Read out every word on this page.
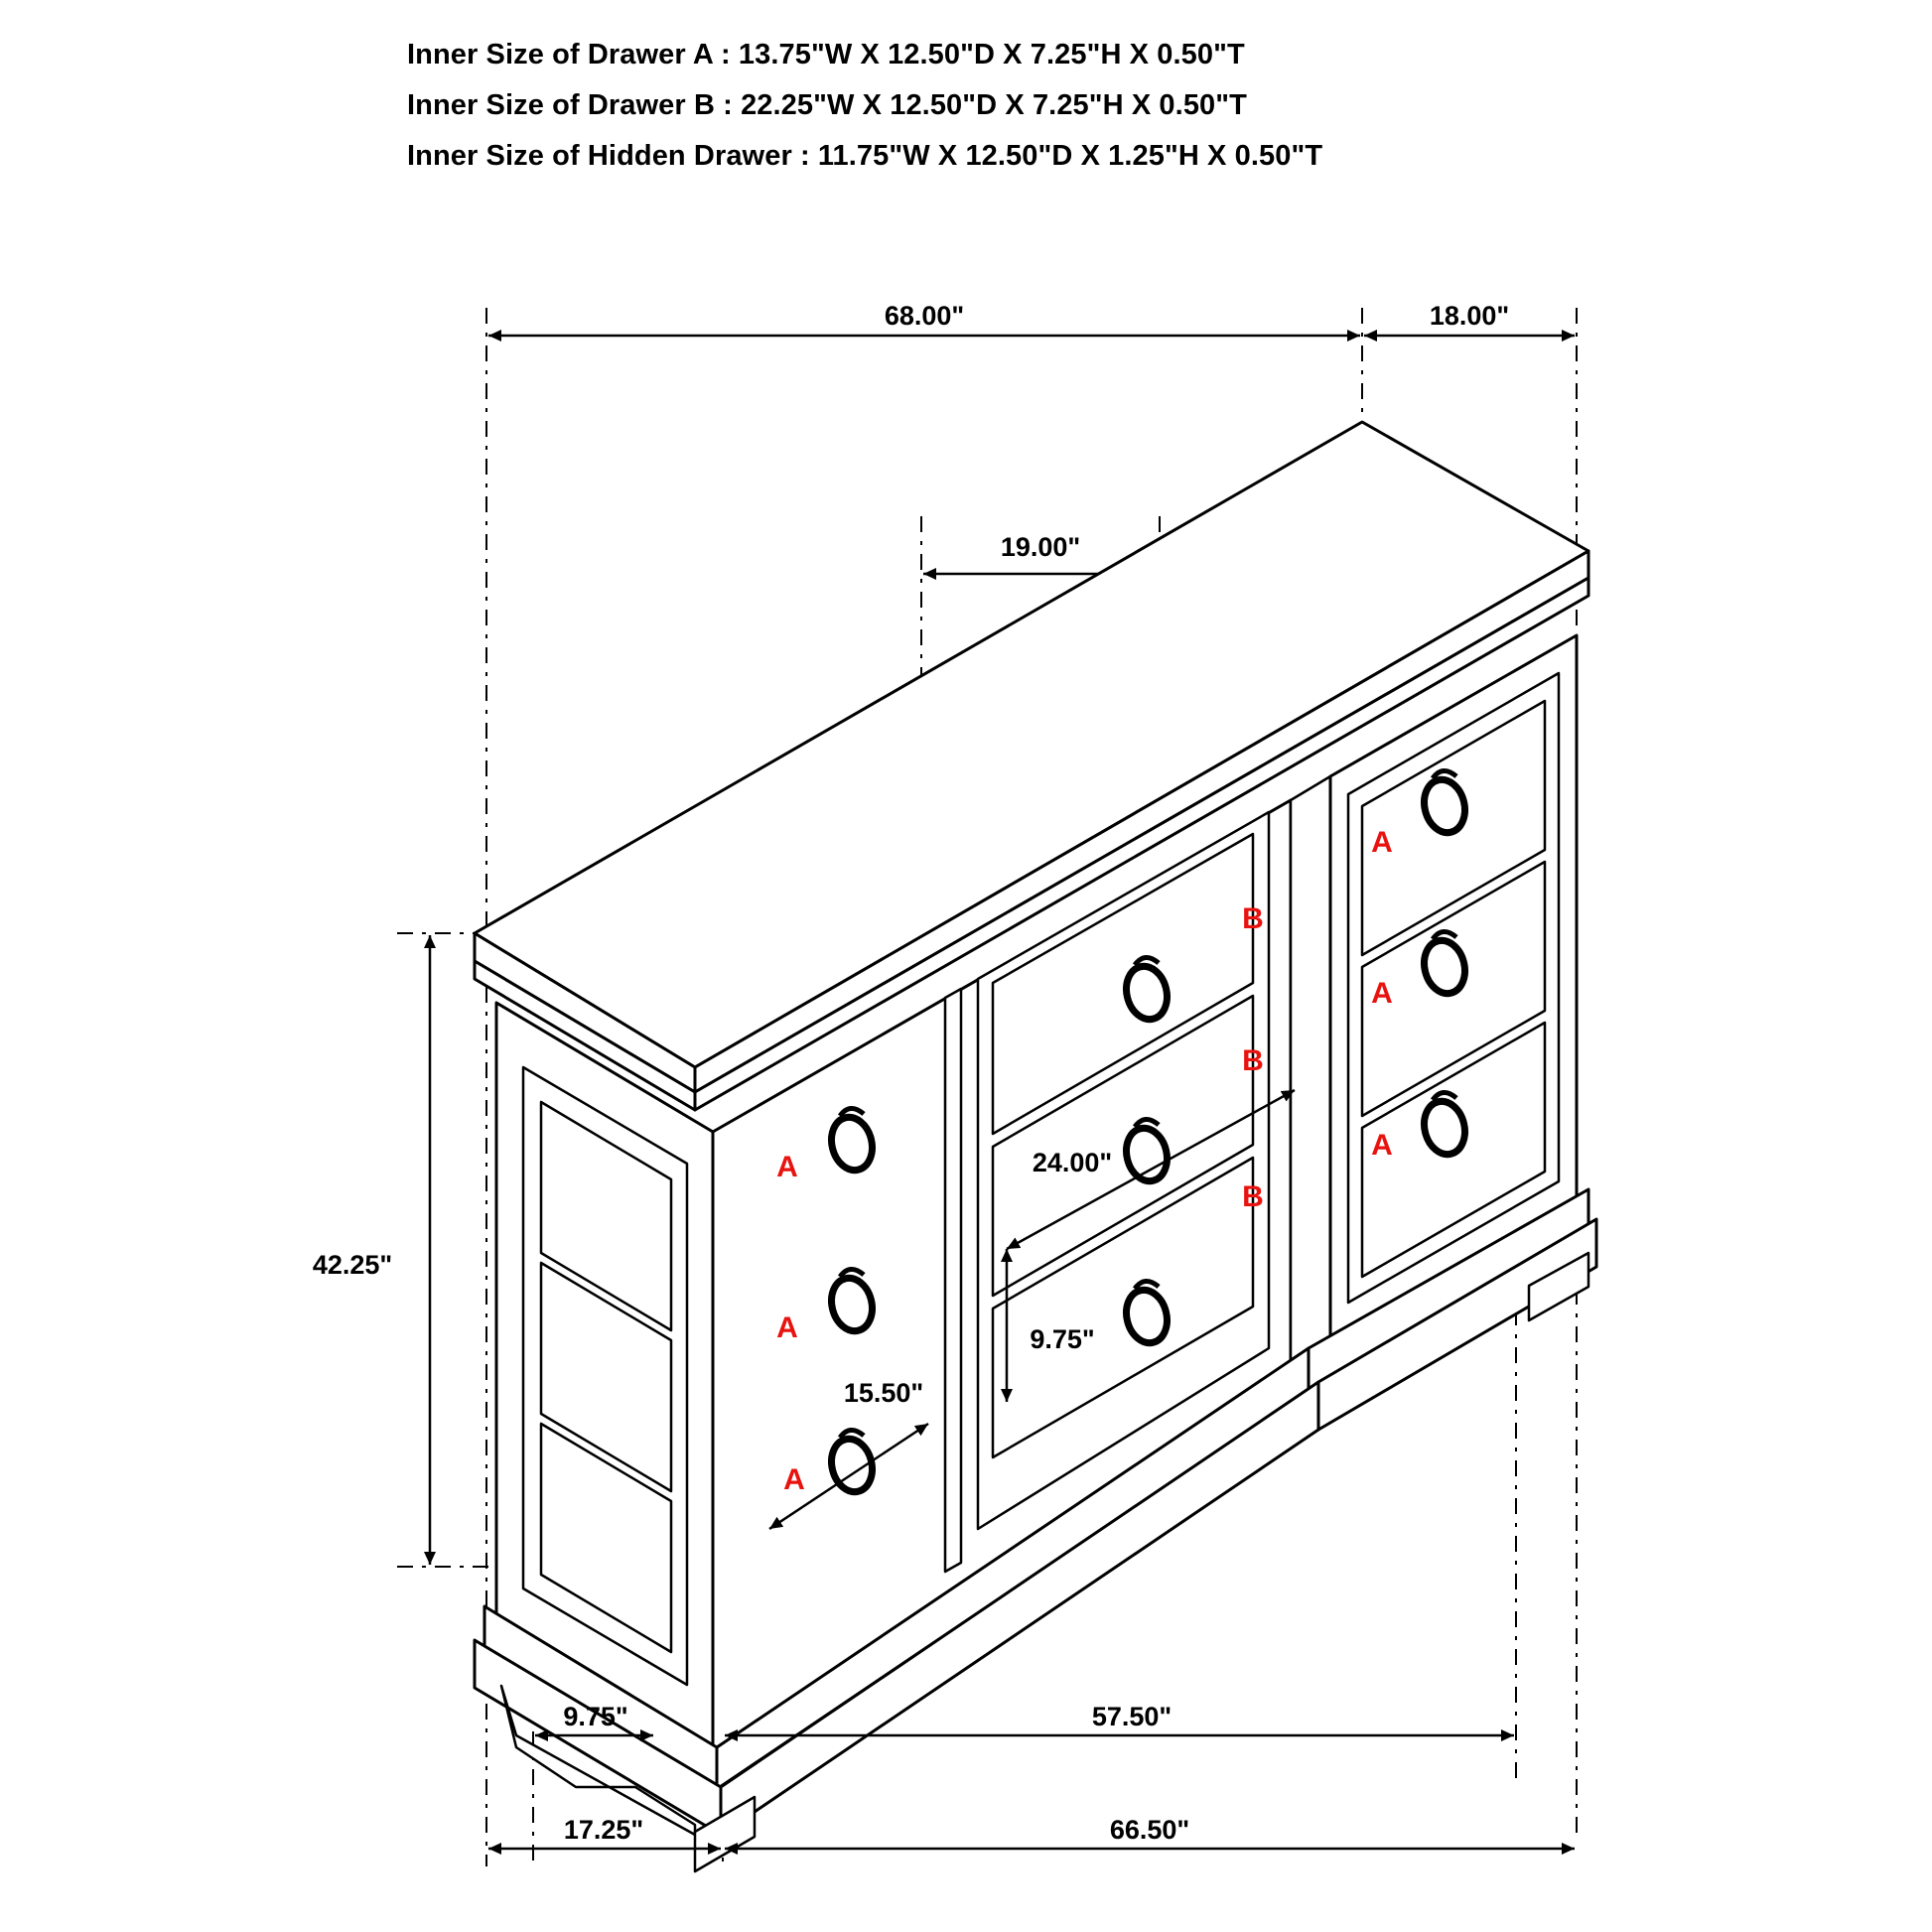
Inner Size of Drawer A : 13.75"W X 12.50"D X 7.25"H X 0.50"T
Inner Size of Drawer B : 22.25"W X 12.50"D X 7.25"H X 0.50"T
Inner Size of Hidden Drawer : 11.75"W X 12.50"D X 1.25"H X 0.50"T
68.00"	18.00"
19.00"
42.25"
A
A
A
B
B
B
A
A
A
24.00"
15.50"
9.75"
9.75"	57.50"
17.25"	66.50"
